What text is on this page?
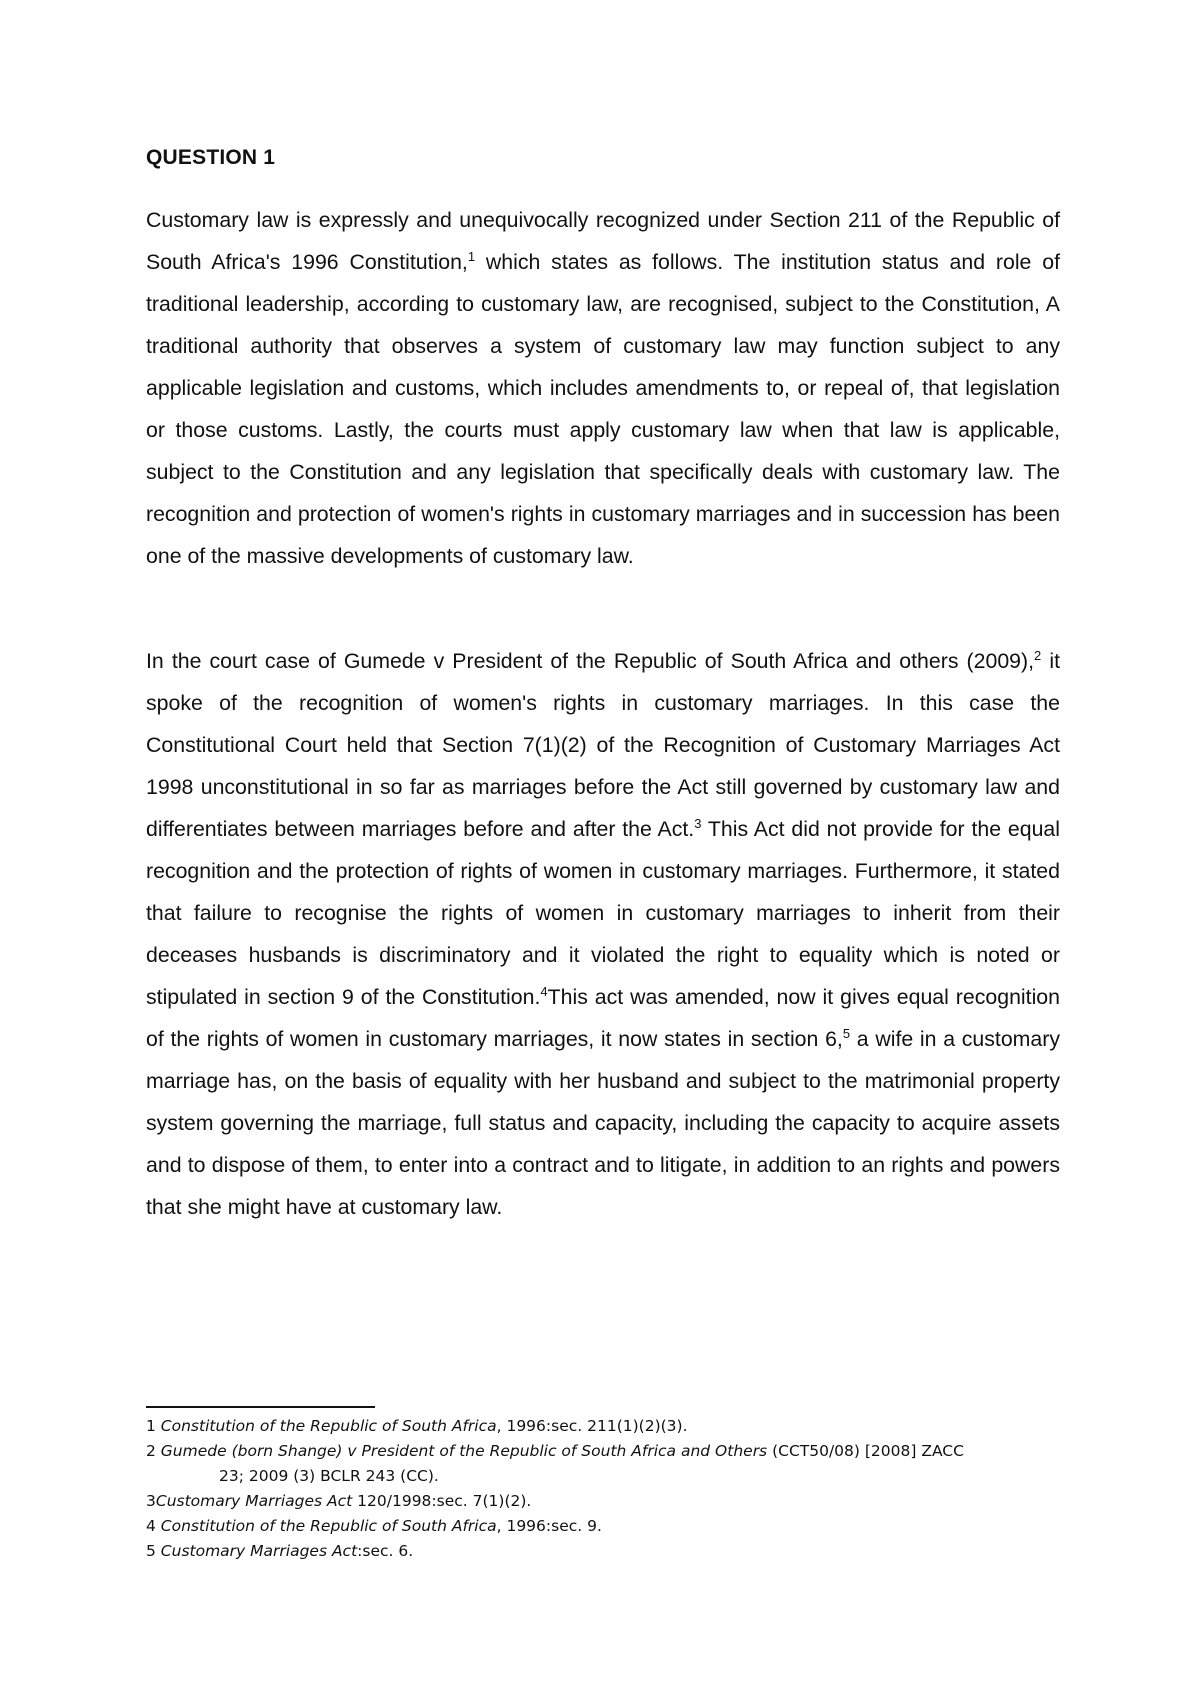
QUESTION 1

Customary law is expressly and unequivocally recognized under Section 211 of the Republic of South Africa's 1996 Constitution,$^1$ which states as follows. The institution status and role of traditional leadership, according to customary law, are recognised, subject to the Constitution, A traditional authority that observes a system of customary law may function subject to any applicable legislation and customs, which includes amendments to, or repeal of, that legislation or those customs. Lastly, the courts must apply customary law when that law is applicable, subject to the Constitution and any legislation that specifically deals with customary law. The recognition and protection of women's rights in customary marriages and in succession has been one of the massive developments of customary law.

In the court case of Gumede v President of the Republic of South Africa and others (2009),$^2$ it spoke of the recognition of women's rights in customary marriages. In this case the Constitutional Court held that Section 7(1)(2) of the Recognition of Customary Marriages Act 1998 unconstitutional in so far as marriages before the Act still governed by customary law and differentiates between marriages before and after the Act.$^3$ This Act did not provide for the equal recognition and the protection of rights of women in customary marriages. Furthermore, it stated that failure to recognise the rights of women in customary marriages to inherit from their deceases husbands is discriminatory and it violated the right to equality which is noted or stipulated in section 9 of the Constitution.$^4$This act was amended, now it gives equal recognition of the rights of women in customary marriages, it now states in section 6,$^5$ a wife in a customary marriage has, on the basis of equality with her husband and subject to the matrimonial property system governing the marriage, full status and capacity, including the capacity to acquire assets and to dispose of them, to enter into a contract and to litigate, in addition to an rights and powers that she might have at customary law.

1 Constitution of the Republic of South Africa, 1996:sec. 211(1)(2)(3).

2 Gumede (born Shange) v President of the Republic of South Africa and Others (CCT50/08) [2008] ZACC

23; 2009 (3) BCLR 243 (CC).

3Customary Marriages Act 120/1998:sec. 7(1)(2).

4 Constitution of the Republic of South Africa, 1996:sec. 9.

5 Customary Marriages Act:sec. 6.
